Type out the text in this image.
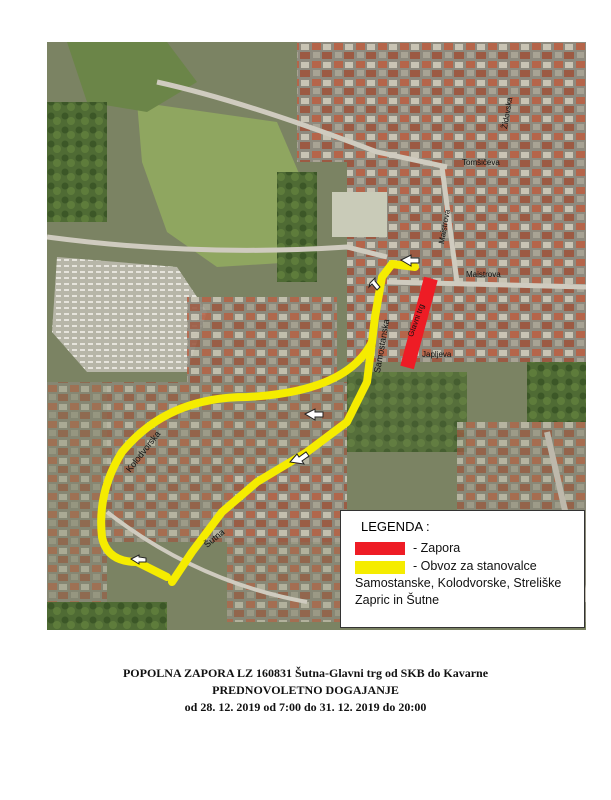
Tomšičeva
Židovska
Maistrova
Maistrova
Glavni trg
Japljeva
Samostanska
Kolodvorska
Šutna
LEGENDA :
- Zapora
- Obvoz za stanovalce
Samostanske, Kolodvorske, Streliške
Zapric in Šutne
POPOLNA ZAPORA LZ 160831 Šutna-Glavni trg od SKB do Kavarne
PREDNOVOLETNO DOGAJANJE
od 28. 12. 2019 od 7:00 do 31. 12. 2019 do 20:00
